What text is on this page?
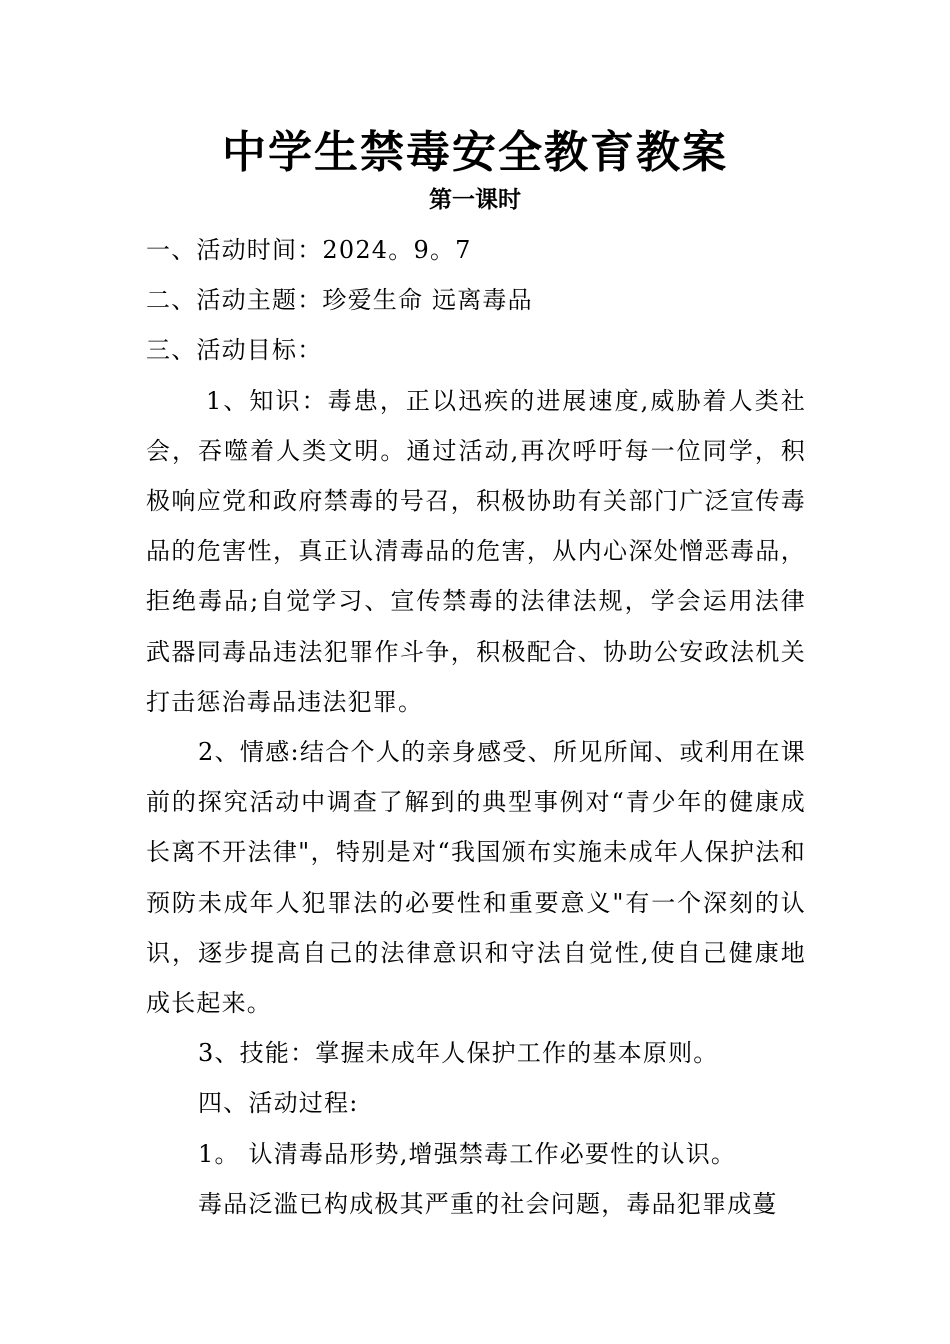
中学生禁毒安全教育教案
第一课时

一、活动时间：2024。9。7

二、活动主题：珍爱生命 远离毒品

三、活动目标：

1、知识：毒患，正以迅疾的进展速度,威胁着人类社会，吞噬着人类文明。通过活动,再次呼吁每一位同学，积极响应党和政府禁毒的号召，积极协助有关部门广泛宣传毒品的危害性，真正认清毒品的危害，从内心深处憎恶毒品，拒绝毒品;自觉学习、宣传禁毒的法律法规，学会运用法律武器同毒品违法犯罪作斗争，积极配合、协助公安政法机关打击惩治毒品违法犯罪。

2、情感:结合个人的亲身感受、所见所闻、或利用在课前的探究活动中调查了解到的典型事例对“青少年的健康成长离不开法律"，特别是对“我国颁布实施未成年人保护法和预防未成年人犯罪法的必要性和重要意义"有一个深刻的认识，逐步提高自己的法律意识和守法自觉性,使自己健康地成长起来。

3、技能：掌握未成年人保护工作的基本原则。

四、活动过程:

1。 认清毒品形势,增强禁毒工作必要性的认识。

毒品泛滥已构成极其严重的社会问题，毒品犯罪成蔓
